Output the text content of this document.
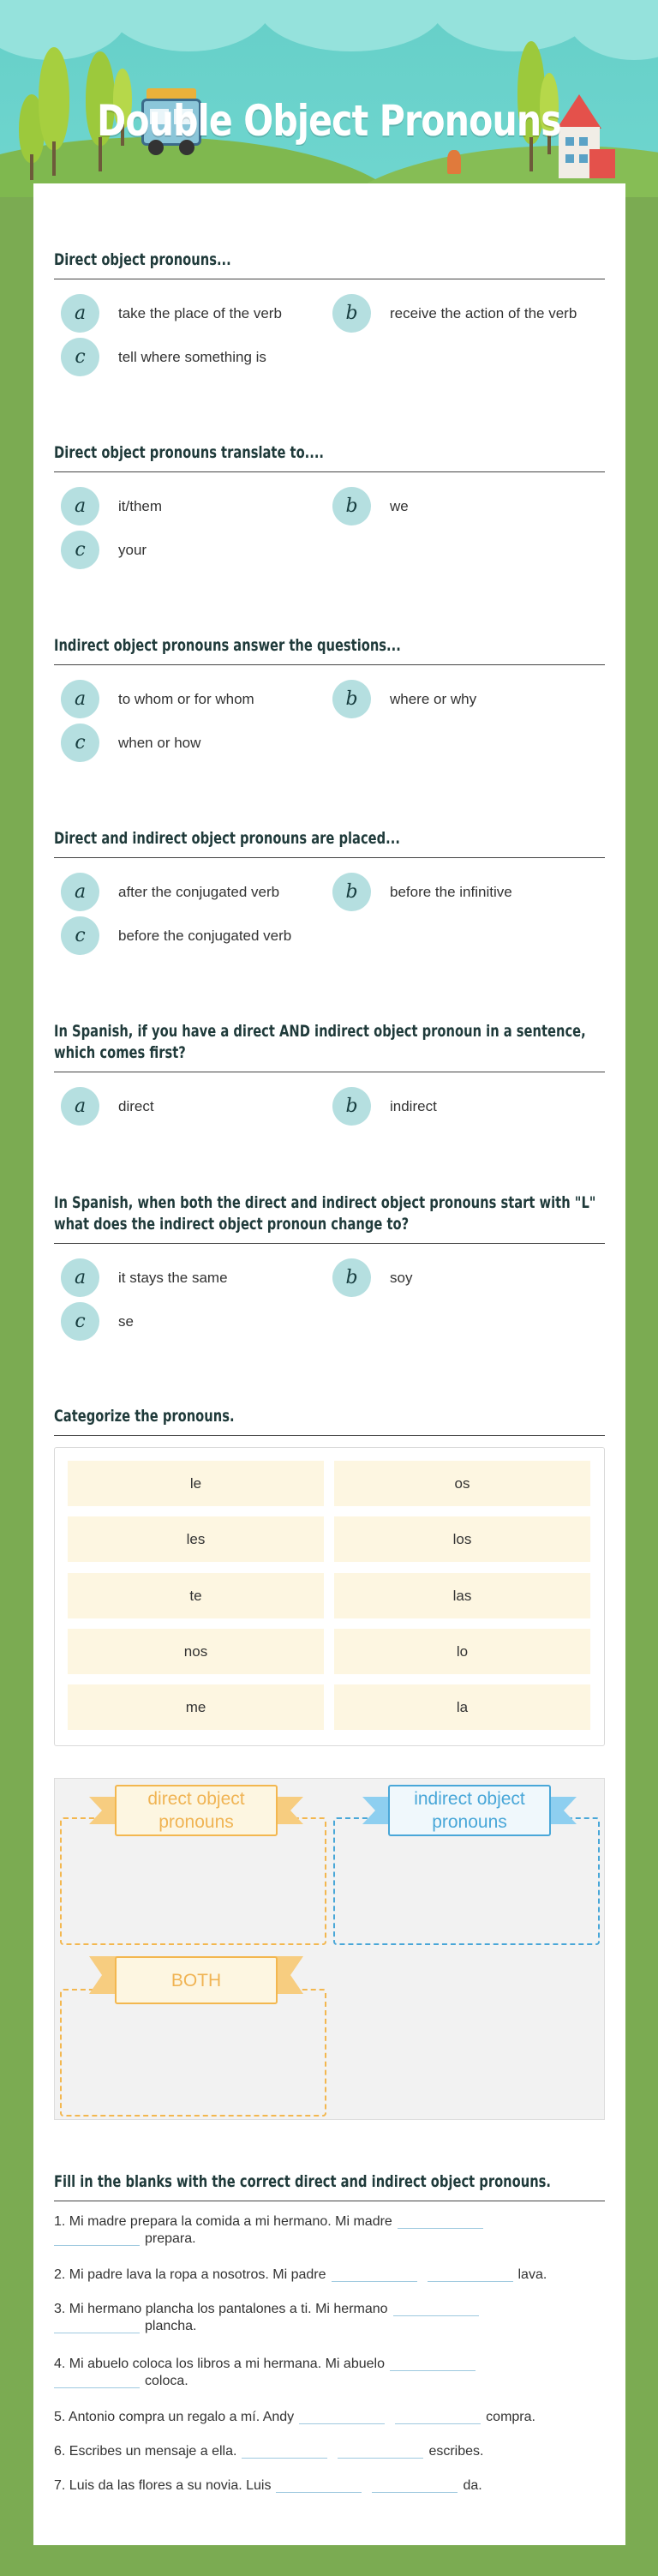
Double Object Pronouns
Direct object pronouns...
a	take the place of the verb	b	receive the action of the verb
c	tell where something is
Direct object pronouns translate to....
a	it/them	b	we
c	your
Indirect object pronouns answer the questions...
a	to whom or for whom	b	where or why
c	when or how
Direct and indirect object pronouns are placed...
a	after the conjugated verb	b	before the infinitive
c	before the conjugated verb
In Spanish, if you have a direct AND indirect object pronoun in a sentence,
which comes first?
a	direct	b	indirect
In Spanish, when both the direct and indirect object pronouns start with "L"
what does the indirect object pronoun change to?
a	it stays the same	b	soy
c	se
Categorize the pronouns.
le	os
les	los
te	las
nos	lo
me	la
direct object pronouns
indirect object pronouns
BOTH
Fill in the blanks with the correct direct and indirect object pronouns.
1. Mi madre prepara la comida a mi hermano. Mi madre
prepara.
2. Mi padre lava la ropa a nosotros. Mi padre	lava.
3. Mi hermano plancha los pantalones a ti. Mi hermano
plancha.
4. Mi abuelo coloca los libros a mi hermana. Mi abuelo
coloca.
5. Antonio compra un regalo a mí. Andy	compra.
6. Escribes un mensaje a ella.	escribes.
7. Luis da las flores a su novia. Luis	da.
